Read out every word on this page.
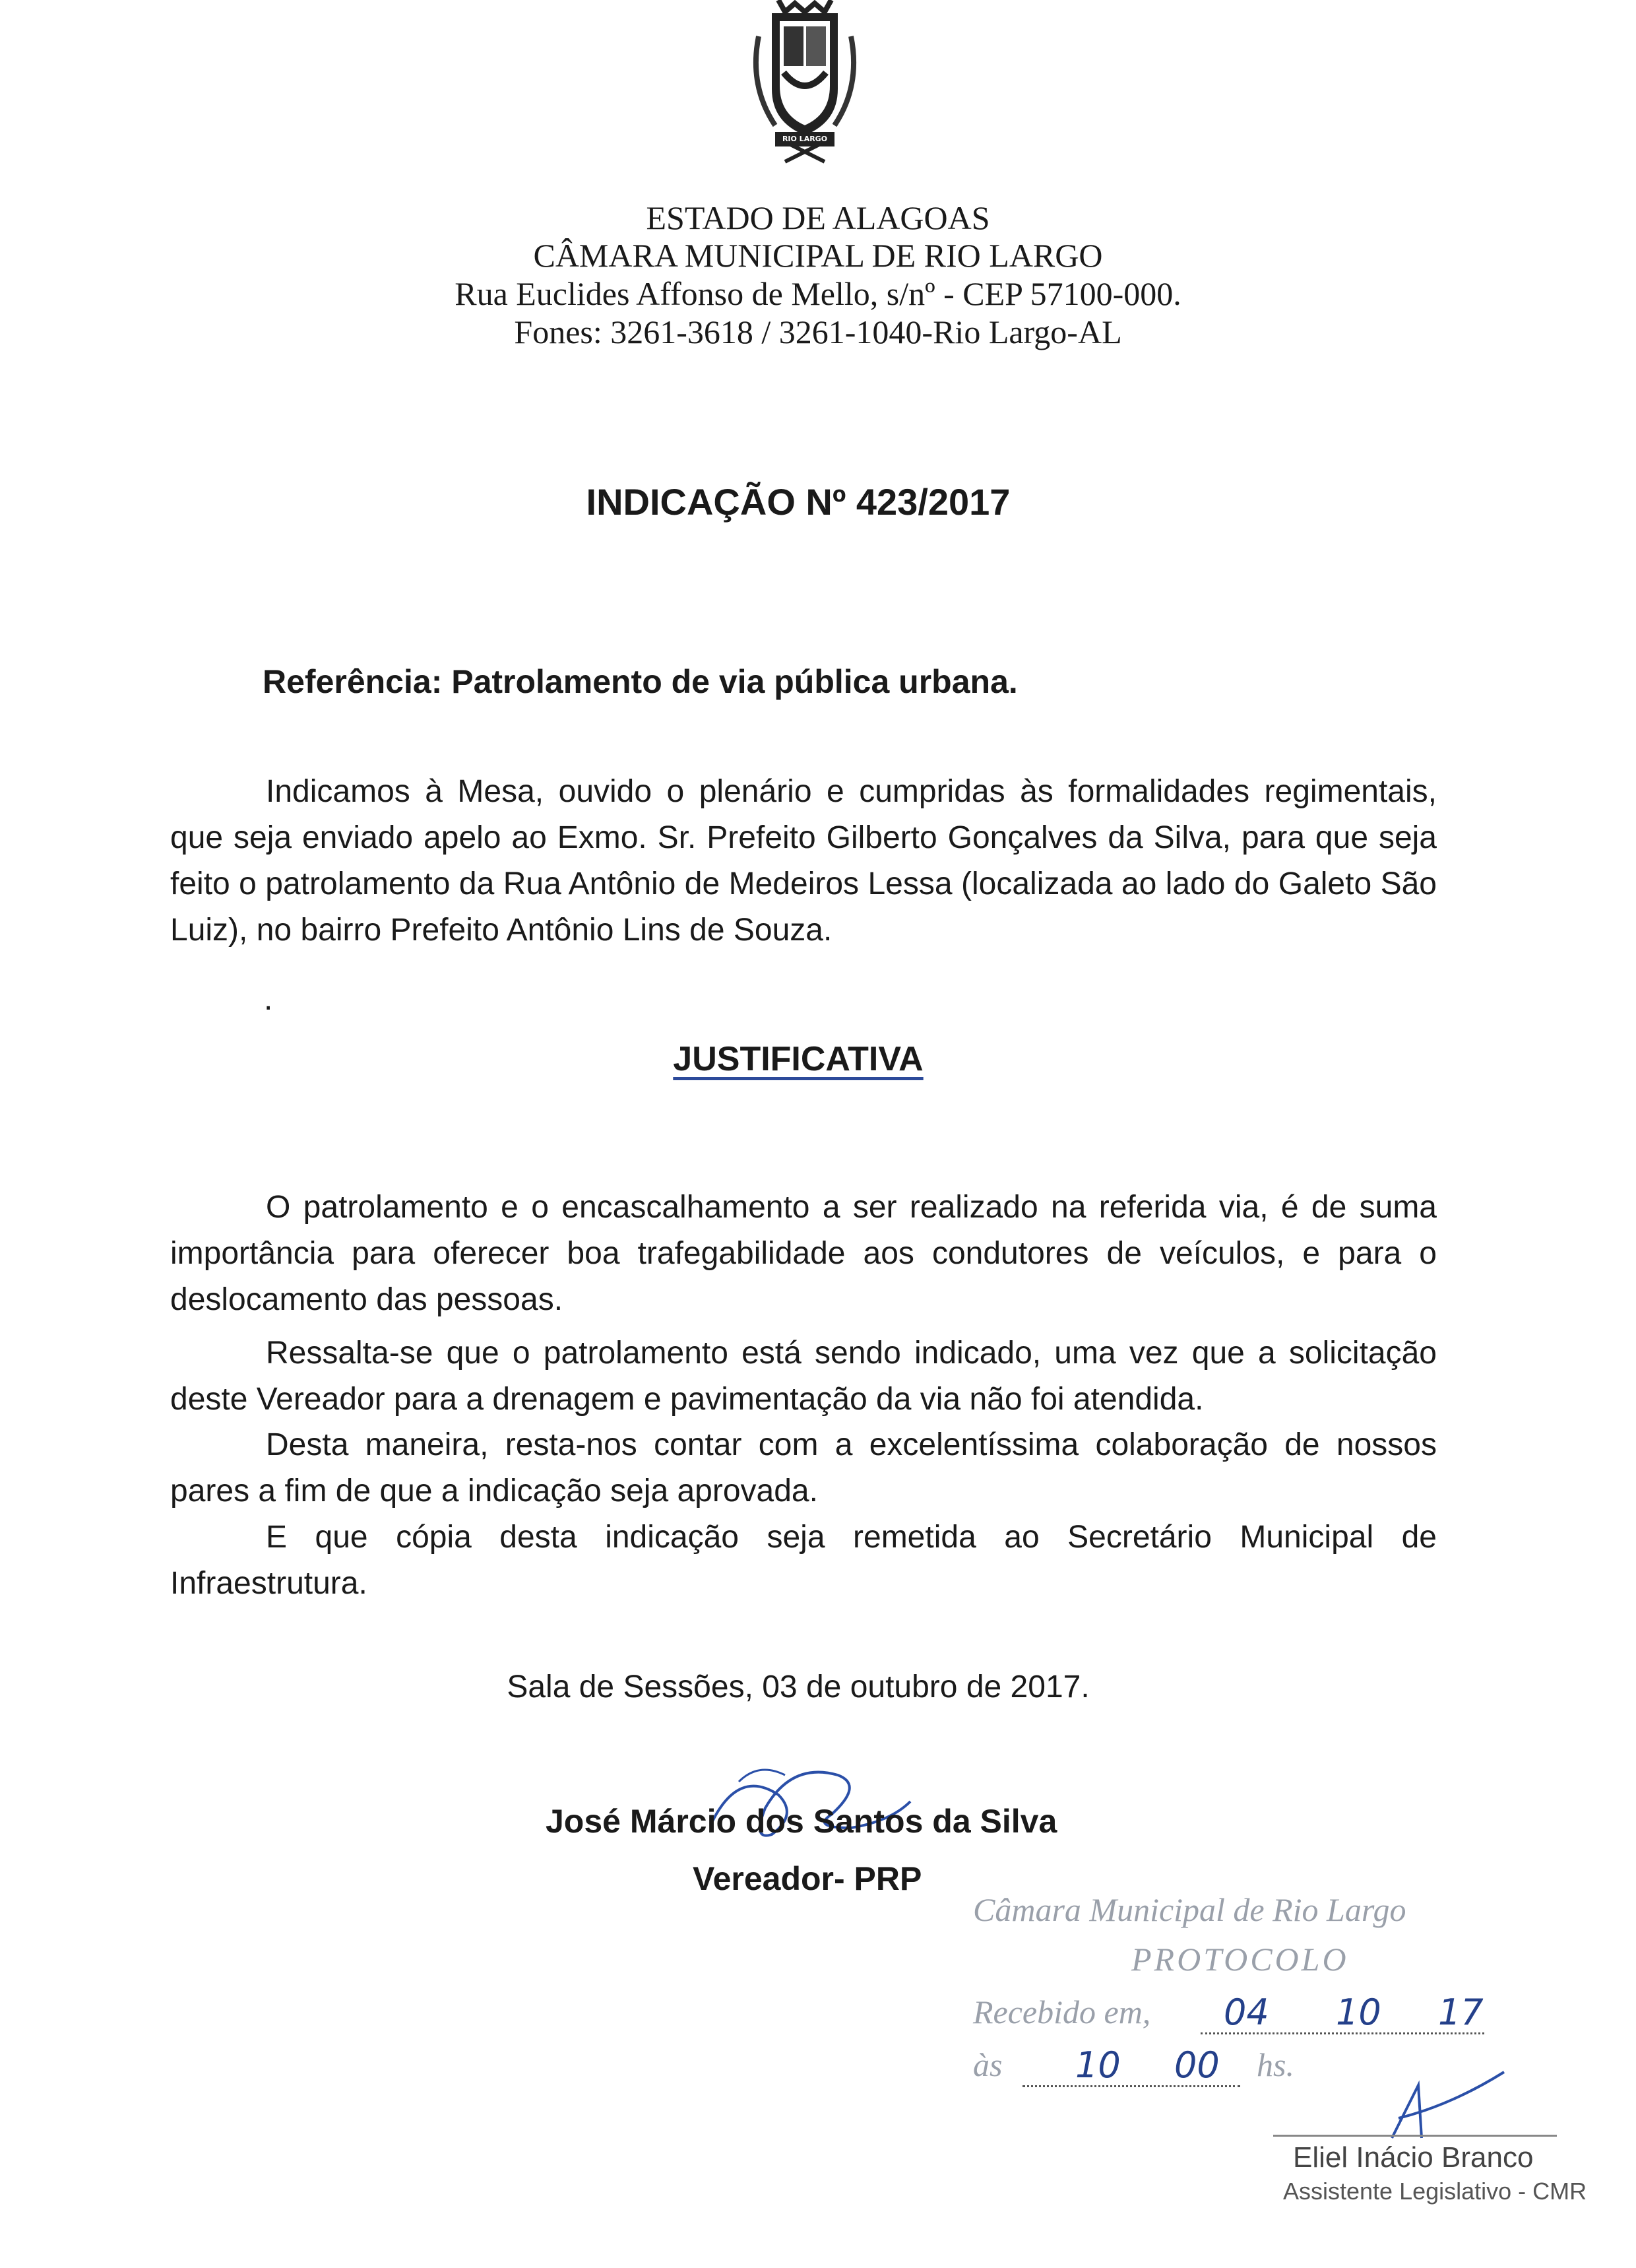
RIO LARGO
ESTADO DE ALAGOAS
CÂMARA MUNICIPAL DE RIO LARGO
Rua Euclides Affonso de Mello, s/nº - CEP 57100-000.
Fones: 3261-3618 / 3261-1040-Rio Largo-AL
INDICAÇÃO Nº 423/2017
Referência: Patrolamento de via pública urbana.
Indicamos à Mesa, ouvido o plenário e cumpridas às formalidades regimentais, que seja enviado apelo ao Exmo. Sr. Prefeito Gilberto Gonçalves da Silva, para que seja feito o patrolamento da Rua Antônio de Medeiros Lessa (localizada ao lado do Galeto São Luiz), no bairro Prefeito Antônio Lins de Souza.
.
JUSTIFICATIVA
O patrolamento e o encascalhamento a ser realizado na referida via, é de suma importância para oferecer boa trafegabilidade aos condutores de veículos, e para o deslocamento das pessoas.
Ressalta-se que o patrolamento está sendo indicado, uma vez que a solicitação deste Vereador para a drenagem e pavimentação da via não foi atendida.
Desta maneira, resta-nos contar com a excelentíssima colaboração de nossos pares a fim de que a indicação seja aprovada.
E que cópia desta indicação seja remetida ao Secretário Municipal de Infraestrutura.
Sala de Sessões, 03 de outubro de 2017.
José Márcio dos Santos da Silva
Vereador- PRP
Câmara Municipal de Rio Largo
PROTOCOLO
Recebido em, 04 10 17
às 10 00 hs.
Eliel Inácio Branco
Assistente Legislativo - CMR
